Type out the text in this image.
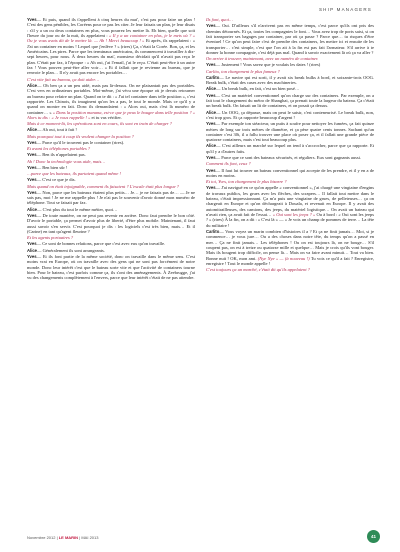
SHIP MANAGERS

Yves— Et puis, quand ils t'appellent à cinq heures du mat', c'est pas pour faire un plan ! C'est des gens pénibles, les Coréens pour ce pas les citer. Je leur faisais un plan, je leur disais : s'il y a un ou deux containers en plus, vous pourrez les mettre là. Eh bien, quelle que soit l'heure du jour ou de la nuit, ils appelaient : « Il y a un container en plus, je le mets où ? » Ou je vous avais dit de le mettre là. — Ah ! Merci beaucoup ! » Et après, ils rappelaient : « J'ai un container en moins ! Lequel que j'enlève ? » (rires) Ça, c'était la Corée. Bon, ça, et les Américains. Les pires. Parce que les terminaux américains, ils commencent à travailler à dix-sept heures, pour nous. À deux heures du mat', monsieur décidait qu'il n'avait pas reçu le plan. C'était par fax, à l'époque : « Ah oui, j'ai l'email, j'ai le reçu. C'était peut-être à un autre fax ! Vous pouvez peut-être aller voir… » Et il fallait que je revienne au bureau, que je renvoie le plan… Il n'y avait pas encore les portables…

C'est vite fait au bureau, ça doit aider…

Alice— Oh ben ça a un peu aidé, mais pas là-dessus. On ne plaisantait pas des portables. C'est vers en ordinateurs portables. Moi-même, j'ai vécu une époque où je devais retourner au bureau pour refaire un plan. Quand on te dit : « J'ai tel container dans telle position », c'est rapportée. Les Chinois, ils imaginent qu'on les a pas, le tout le monde. Mais ce qu'il y a quand on montre en fait. Donc ils demandaient : « Alors oui, mais c'est là numéro de container… » « Dans la position manana, est-ce que je peux le bouger dans telle position ? » Alors tu dis : « Je vous rappelle ! » et tu vas vérifier.

Mais à ce moment-là, les opérations sont en cours, ils sont en train de charger ?

Alice— Ah oui, tout à fait !

Mais pourquoi tout à coup ils veulent changer la position ?

Yves— Parce qu'il le trouvent pas le container (rires).

Et avant les téléphones portables ?

Yves— Ben ils n'appelaient pas.

Ah ! Donc la technologie vous aide, mais…

Yves— Ben bien sûr !

…parce que les bateaux, ils partaient quand même !

Yves— C'est ce que je dis.

Mais quand on était injoignable, comment ils faisaient ? L'escale était plus longue ?

Yves— Non, parce que les bateaux étaient plus petits… Je… je ne faisais pas de… — Je ne sais pas, moi ! Je ne me rappelle plus ! Je n'ai pas le souvenir d'avoir donné mon numéro de téléphone. Tout se faisait par fax.

Alice— C'est plus du tout le même métier, quoi…

Yves— De toute manière, on ne peut pas revenir en arrière. Donc faut prendre le bon côté. D'avoir le portable, ça permet d'avoir plus de liberté, d'être plus mobile. Maintenant, il faut aussi savoir s'en servir. C'est pourquoi je dis : les logiciels c'est très bien, mais… Et il (Carine) en tant qu'agent fleurine ?

Et les agents portuaires ?

Yves— Ce sont de bonnes relations, parce que c'est avec eux qu'on travaille.

Alice— Généralement ils sont arrangeants.

Yves— Et ils font partie de la même société, donc on travaille dans le même sens. C'est moins vrai en Europe, où on travaille avec des gens qui ne sont pas forcément de notre monde. Donc leur intérêt c'est que le bateau sorte vite et que l'activité de containers tourne bien. Pour le bateau, c'est parfois comme ça, ils s'ont des aménagements. À Zeebrugge, j'ai vu des changements complètement à l'envers, parce que leur intérêt c'était de ne pas attendre.

Ils font, quoi…

Yves— Oui. D'ailleurs s'il n'arrivent pas en même temps, c'est parce qu'ils ont pris des chemins détournés. Et ça, toutes les compagnies le font… Vous avez trop de ports saisi, si on fait transporter ses bagages par container, par où ça passe ? Parce que… tu risques d'être éventuel ! Ce qu'on peut faire c'est de prendre des containers, les mettre ici et ensuite de les transporter… c'est simple, c'est que l'on ait à la fin est pas fait l'armateur. S'il arrive à te donner la bonne compagnie, c'est déjà pas mal. Quand à savoir exactement là où ça va aller ?

On arrive à trouver, maintenant, avec un numéro de container.

Yves— Justement ! Vous savez que je voulais les dates ! (rires)

Carlito, ton chargement le plus fameux ?

Carlito— Le navire qui est sorti, il y avait six break bulks à bord, et soixante-trois OOG. Break bulk, c'était des cases avec des machineries.

Alice— Un break bulk, en fait, c'est un bien posé…

Yves— C'est un matériel conventionnel qu'on charge sur des containers. Par exemple, on a fait tout le chargement du métro de Shanghai, ça prenait toute la largeur du bateau. Ça c'était un break bulk. On faisait un lit de containers, et on posait ça dessus.

Alice— Un OOG, ça dépasse, mais on peut le saisir, c'est conteneurisé. Le break bulk, non, c'est trop gros. Et ça rapporte beaucoup d'argent !

Yves— Par exemple ton stéacteur, un puits à soufre pour nettoyer les fumées, ça fait quinze mètres de long sur trois mètres de diamètre, et ça pèse quatre cents tonnes. Sachant qu'un container c'est 30t, il a fallu trouver une place où poser ça, et il fallait une grande pièce de quatorze containers, mais c'est tout beaucoup plus.

Alice— C'est ailleurs un marché sur lequel on tend à s'accrocher, parce que ça rapporte. Et qu'il y a d'autres faits.

Yves— Parce que ce sont des bateaux sécurisés, et réguliers. Eux sont gagnants aussi.

Comment ils font, ceux ?

Yves— Il faut lui trouver un bateau conventionnel qui accepte de les prendre, et il y en a de moins en moins.

Et toi, Yves, ton chargement le plus bizarre ?

Yves— J'ai navigué en ce qu'on appelle « conventionnel », j'ai chargé une vingtaine d'engins de travaux publics, les grues avec les flèches, des scrapers… Il fallait tout mettre dans le bateau, c'était impressionnant. Ça m'a puis une vingtaine de grues, de pelleteuses… ça on chargeait en Europe et qu'on déchargeait à Douala, et revenait en Europe. Il y avait des automitrailleuses, des camions, des jeeps, du matériel logistique… On avait un bateau qui n'avait rien, ça avait fait de l'essai… « Oui sont les jeeps ? » Ou à bord : « Oui sont les jeeps ? » (rires) À la fin, on a dit : « C'est là » — « Je vois un champ de pommes de terre… La tête du militaire !

Carlito— Vous voyez un marin combien d'histoires il a ? Et ça ne finit jamais… Moi, si je commence… je vous jure… Ou a des choses dans notre tête, du temps qu'on a passé en mer… Ça ne finit jamais… Les téléphones ! Ou on est toujours là, on ne bouge… S'il coupent pas, on est à treize ou quatorze mille et quelque… Mais je crois qu'ils vont bouger. Mais ils bougent trop difficile, on pense là… Mais on va faire avant minuit… Tout va bien. Bonne nuit ! OK, mon ami. (Nye Nye » — (à nouveau !) Tu vois ce qu'il a fait ? Enregistre, enregistre ! Tout le monde appelle !

C'est toujours ça un marché, c'était dit qu'ils appelaient ?

Novembre 2012 | LE MARIN | MAI 2013	41
